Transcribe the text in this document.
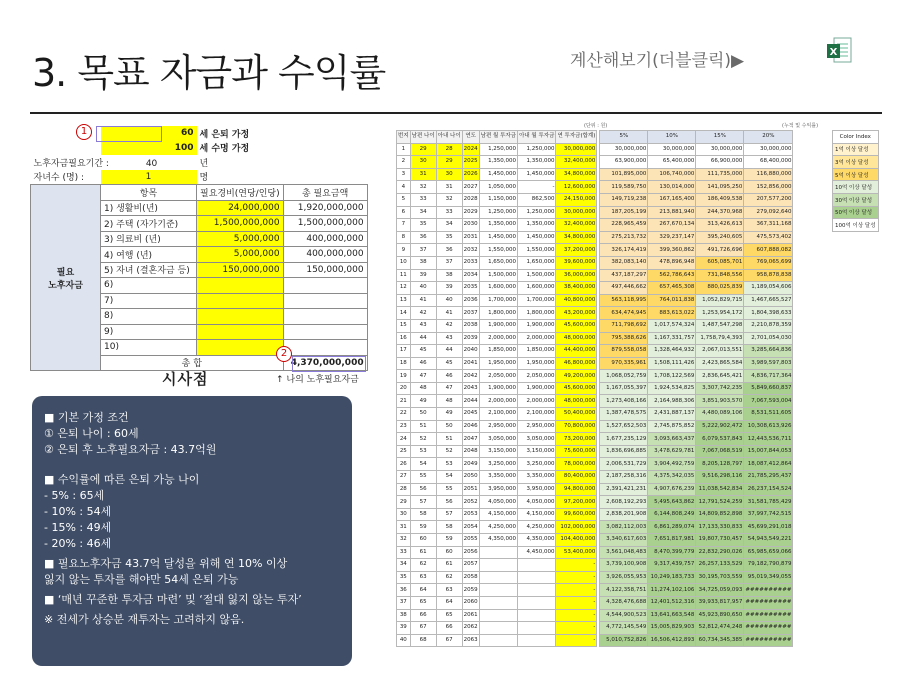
3. 목표 자금과 수익률	계산해보기(더블클릭)▶	X
	60	세 은퇴 가정	
	100	세 수명 가정	
노후자금필요기간 : 40		년	
자녀수 (명) :	1	명	
필요
노후자금	항목	필요경비(연당/인당)	총 필요금액
	1) 생활비(년)	24,000,000	1,920,000,000
	2) 주택 (자가기준)	1,500,000,000	1,500,000,000
	3) 의료비 (년)	5,000,000	400,000,000
	4) 여행 (년)	5,000,000	400,000,000
	5) 자녀 (결혼자금 등)	150,000,000	150,000,000
	6)		
	7)		
	8)		
	9)		
	10)		
	총 합		4,370,000,000
1
2
시사점	↑ 나의 노후필요자금
■ 기본 가정 조건
① 은퇴 나이 : 60세
② 은퇴 후 노후필요자금 : 43.7억원
■ 수익률에 따른 은퇴 가능 나이
- 5% : 65세
- 10% : 54세
- 15% : 49세
- 20% : 46세
■ 필요노후자금 43.7억 달성을 위해 연 10% 이상
잃지 않는 투자를 해야만 54세 은퇴 가능
■ ‘매년 꾸준한 투자금 마련’ 및 ‘절대 잃지 않는 투자’
※ 전세가 상승분 재투자는 고려하지 않음.
(단위 : 원)	(누적 및 수익률)
번지	남편 나이	아내 나이	연도	남편 월 투자금	아내 월 투자금	연 투자금(합계)		5%	10%	15%	20%
1	29	28	2024	1,250,000	1,250,000	30,000,000		30,000,000	30,000,000	30,000,000	30,000,000
2	30	29	2025	1,350,000	1,350,000	32,400,000		63,900,000	65,400,000	66,900,000	68,400,000
3	31	30	2026	1,450,000	1,450,000	34,800,000		101,895,000	106,740,000	111,735,000	116,880,000
4	32	31	2027	1,050,000	-	12,600,000		119,589,750	130,014,000	141,095,250	152,856,000
5	33	32	2028	1,150,000	862,500	24,150,000		149,719,238	167,165,400	186,409,538	207,577,200
6	34	33	2029	1,250,000	1,250,000	30,000,000		187,205,199	213,881,940	244,370,968	279,092,640
7	35	34	2030	1,350,000	1,350,000	32,400,000		228,965,459	267,670,134	313,426,613	367,311,168
8	36	35	2031	1,450,000	1,450,000	34,800,000		275,213,732	329,237,147	395,240,605	475,573,402
9	37	36	2032	1,550,000	1,550,000	37,200,000		326,174,419	399,360,862	491,726,696	607,888,082
10	38	37	2033	1,650,000	1,650,000	39,600,000		382,083,140	478,896,948	605,085,701	769,065,699
11	39	38	2034	1,500,000	1,500,000	36,000,000		437,187,297	562,786,643	731,848,556	958,878,838
12	40	39	2035	1,600,000	1,600,000	38,400,000		497,446,662	657,465,308	880,025,839	1,189,054,606
13	41	40	2036	1,700,000	1,700,000	40,800,000		563,118,995	764,011,838	1,052,829,715	1,467,665,527
14	42	41	2037	1,800,000	1,800,000	43,200,000		634,474,945	883,613,022	1,253,954,172	1,804,398,633
15	43	42	2038	1,900,000	1,900,000	45,600,000		711,798,692	1,017,574,324	1,487,547,298	2,210,878,359
16	44	43	2039	2,000,000	2,000,000	48,000,000		795,388,626	1,167,331,757	1,758,79,4,393	2,701,054,030
17	45	44	2040	1,850,000	1,850,000	44,400,000		879,558,058	1,328,464,932	2,067,013,551	3,285,664,836
18	46	45	2041	1,950,000	1,950,000	46,800,000		970,335,961	1,508,111,426	2,423,865,584	3,989,597,803
19	47	46	2042	2,050,000	2,050,000	49,200,000		1,068,052,759	1,708,122,569	2,836,645,421	4,836,717,364
20	48	47	2043	1,900,000	1,900,000	45,600,000		1,167,055,397	1,924,534,825	3,307,742,235	5,849,660,837
21	49	48	2044	2,000,000	2,000,000	48,000,000		1,273,408,166	2,164,988,306	3,851,903,570	7,067,593,004
22	50	49	2045	2,100,000	2,100,000	50,400,000		1,387,478,575	2,431,887,137	4,480,089,106	8,531,511,605
23	51	50	2046	2,950,000	2,950,000	70,800,000		1,527,652,503	2,745,875,852	5,222,902,472	10,308,613,926
24	52	51	2047	3,050,000	3,050,000	73,200,000		1,677,235,129	3,093,663,437	6,079,537,843	12,443,536,711
25	53	52	2048	3,150,000	3,150,000	75,600,000		1,836,696,885	3,478,629,781	7,067,068,519	15,007,844,053
26	54	53	2049	3,250,000	3,250,000	78,000,000		2,006,531,729	3,904,492,759	8,205,128,797	18,087,412,864
27	55	54	2050	3,350,000	3,350,000	80,400,000		2,187,258,316	4,375,342,035	9,516,298,116	21,785,295,437
28	56	55	2051	3,950,000	3,950,000	94,800,000		2,391,421,231	4,907,676,239	11,038,542,834	26,237,154,524
29	57	56	2052	4,050,000	4,050,000	97,200,000		2,608,192,293	5,495,643,862	12,791,524,259	31,581,785,429
30	58	57	2053	4,150,000	4,150,000	99,600,000		2,838,201,908	6,144,808,249	14,809,852,898	37,997,742,515
31	59	58	2054	4,250,000	4,250,000	102,000,000		3,082,112,003	6,861,289,074	17,133,330,833	45,699,291,018
32	60	59	2055	4,350,000	4,350,000	104,400,000		3,340,617,603	7,651,817,981	19,807,730,457	54,943,549,221
33	61	60	2056		4,450,000	53,400,000		3,561,048,483	8,470,399,779	22,832,290,026	65,985,659,066
34	62	61	2057			-		3,739,100,908	9,317,439,757	26,257,133,529	79,182,790,879
35	63	62	2058			-		3,926,055,953	10,249,183,733	30,195,703,559	95,019,349,055
36	64	63	2059			-		4,122,358,751	11,274,102,106	34,725,059,093	##########
37	65	64	2060			-		4,328,476,688	12,401,512,316	39,933,817,957	##########
38	66	65	2061			-		4,544,900,523	13,641,663,548	45,923,890,650	##########
39	67	66	2062			-		4,772,145,549	15,005,829,903	52,812,474,248	##########
40	68	67	2063			-		5,010,752,826	16,506,412,893	60,734,345,385	##########
Color Index
1억 이상 달성
3억 이상 달성
5억 이상 달성
10억 이상 달성
30억 이상 달성
50억 이상 달성
100억 이상 달성
